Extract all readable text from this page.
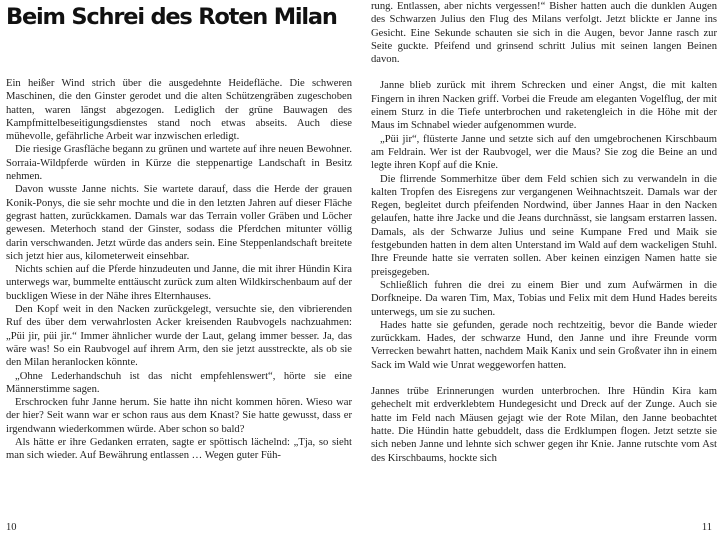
Beim Schrei des Roten Milan

Ein heißer Wind strich über die ausgedehnte Heidefläche. Die schweren Maschinen, die den Ginster gerodet und die alten Schützengräben zugeschoben hatten, waren längst abgezogen. Lediglich der grüne Bauwagen des Kampfmittelbeseitigungsdienstes stand noch etwas abseits. Auch diese mühevolle, gefährliche Arbeit war inzwischen erledigt.

Die riesige Grasfläche begann zu grünen und wartete auf ihre neuen Bewohner. Sorraia-Wildpferde würden in Kürze die steppenartige Landschaft in Besitz nehmen.

Davon wusste Janne nichts. Sie wartete darauf, dass die Herde der grauen Konik-Ponys, die sie sehr mochte und die in den letzten Jahren auf dieser Fläche gegrast hatten, zurückkamen. Damals war das Terrain voller Gräben und Löcher gewesen. Meterhoch stand der Ginster, sodass die Pferdchen mitunter völlig darin verschwanden. Jetzt würde das anders sein. Eine Steppenlandschaft breitete sich jetzt hier aus, kilometerweit einsehbar.

Nichts schien auf die Pferde hinzudeuten und Janne, die mit ihrer Hündin Kira unterwegs war, bummelte enttäuscht zurück zum alten Wildkirschenbaum auf der buckligen Wiese in der Nähe ihres Elternhauses.

Den Kopf weit in den Nacken zurückgelegt, versuchte sie, den vibrierenden Ruf des über dem verwahrlosten Acker kreisenden Raubvogels nachzuahmen: „Püi jir, püi jir.“ Immer ähnlicher wurde der Laut, gelang immer besser. Ja, das wäre was! So ein Raubvogel auf ihrem Arm, den sie jetzt ausstreckte, als ob sie den Milan heranlocken könnte.

„Ohne Lederhandschuh ist das nicht empfehlenswert“, hörte sie eine Männerstimme sagen.

Erschrocken fuhr Janne herum. Sie hatte ihn nicht kommen hören. Wieso war der hier? Seit wann war er schon raus aus dem Knast? Sie hatte gewusst, dass er irgendwann wiederkommen würde. Aber schon so bald?

Als hätte er ihre Gedanken erraten, sagte er spöttisch lächelnd: „Tja, so sieht man sich wieder. Auf Bewährung entlassen … Wegen guter Füh-

10

rung. Entlassen, aber nichts vergessen!“ Bisher hatten auch die dunklen Augen des Schwarzen Julius den Flug des Milans verfolgt. Jetzt blickte er Janne ins Gesicht. Eine Sekunde schauten sie sich in die Augen, bevor Janne rasch zur Seite guckte. Pfeifend und grinsend schritt Julius mit seinen langen Beinen davon.

Janne blieb zurück mit ihrem Schrecken und einer Angst, die mit kalten Fingern in ihren Nacken griff. Vorbei die Freude am eleganten Vogelflug, der mit einem Sturz in die Tiefe unterbrochen und raketengleich in die Höhe mit der Maus im Schnabel wieder aufgenommen wurde.

„Püi jir“, flüsterte Janne und setzte sich auf den umgebrochenen Kirschbaum am Feldrain. Wer ist der Raubvogel, wer die Maus? Sie zog die Beine an und legte ihren Kopf auf die Knie.

Die flirrende Sommerhitze über dem Feld schien sich zu verwandeln in die kalten Tropfen des Eisregens zur vergangenen Weihnachtszeit. Damals war der Regen, begleitet durch pfeifenden Nordwind, über Jannes Haar in den Nacken gelaufen, hatte ihre Jacke und die Jeans durchnässt, sie langsam erstarren lassen. Damals, als der Schwarze Julius und seine Kumpane Fred und Maik sie festgebunden hatten in dem alten Unterstand im Wald auf dem wackeligen Stuhl. Ihre Freunde hatte sie verraten sollen. Aber keinen einzigen Namen hatte sie preisgegeben.

Schließlich fuhren die drei zu einem Bier und zum Aufwärmen in die Dorfkneipe. Da waren Tim, Max, Tobias und Felix mit dem Hund Hades bereits unterwegs, um sie zu suchen.

Hades hatte sie gefunden, gerade noch rechtzeitig, bevor die Bande wieder zurückkam. Hades, der schwarze Hund, den Janne und ihre Freunde vorm Verrecken bewahrt hatten, nachdem Maik Kanix und sein Großvater ihn in einem Sack im Wald wie Unrat weggeworfen hatten.

Jannes trübe Erinnerungen wurden unterbrochen. Ihre Hündin Kira kam gehechelt mit erdverklebtem Hundegesicht und Dreck auf der Zunge. Auch sie hatte im Feld nach Mäusen gejagt wie der Rote Milan, den Janne beobachtet hatte. Die Hündin hatte gebuddelt, dass die Erdklumpen flogen. Jetzt setzte sie sich neben Janne und lehnte sich schwer gegen ihr Knie. Janne rutschte vom Ast des Kirschbaums, hockte sich

11
